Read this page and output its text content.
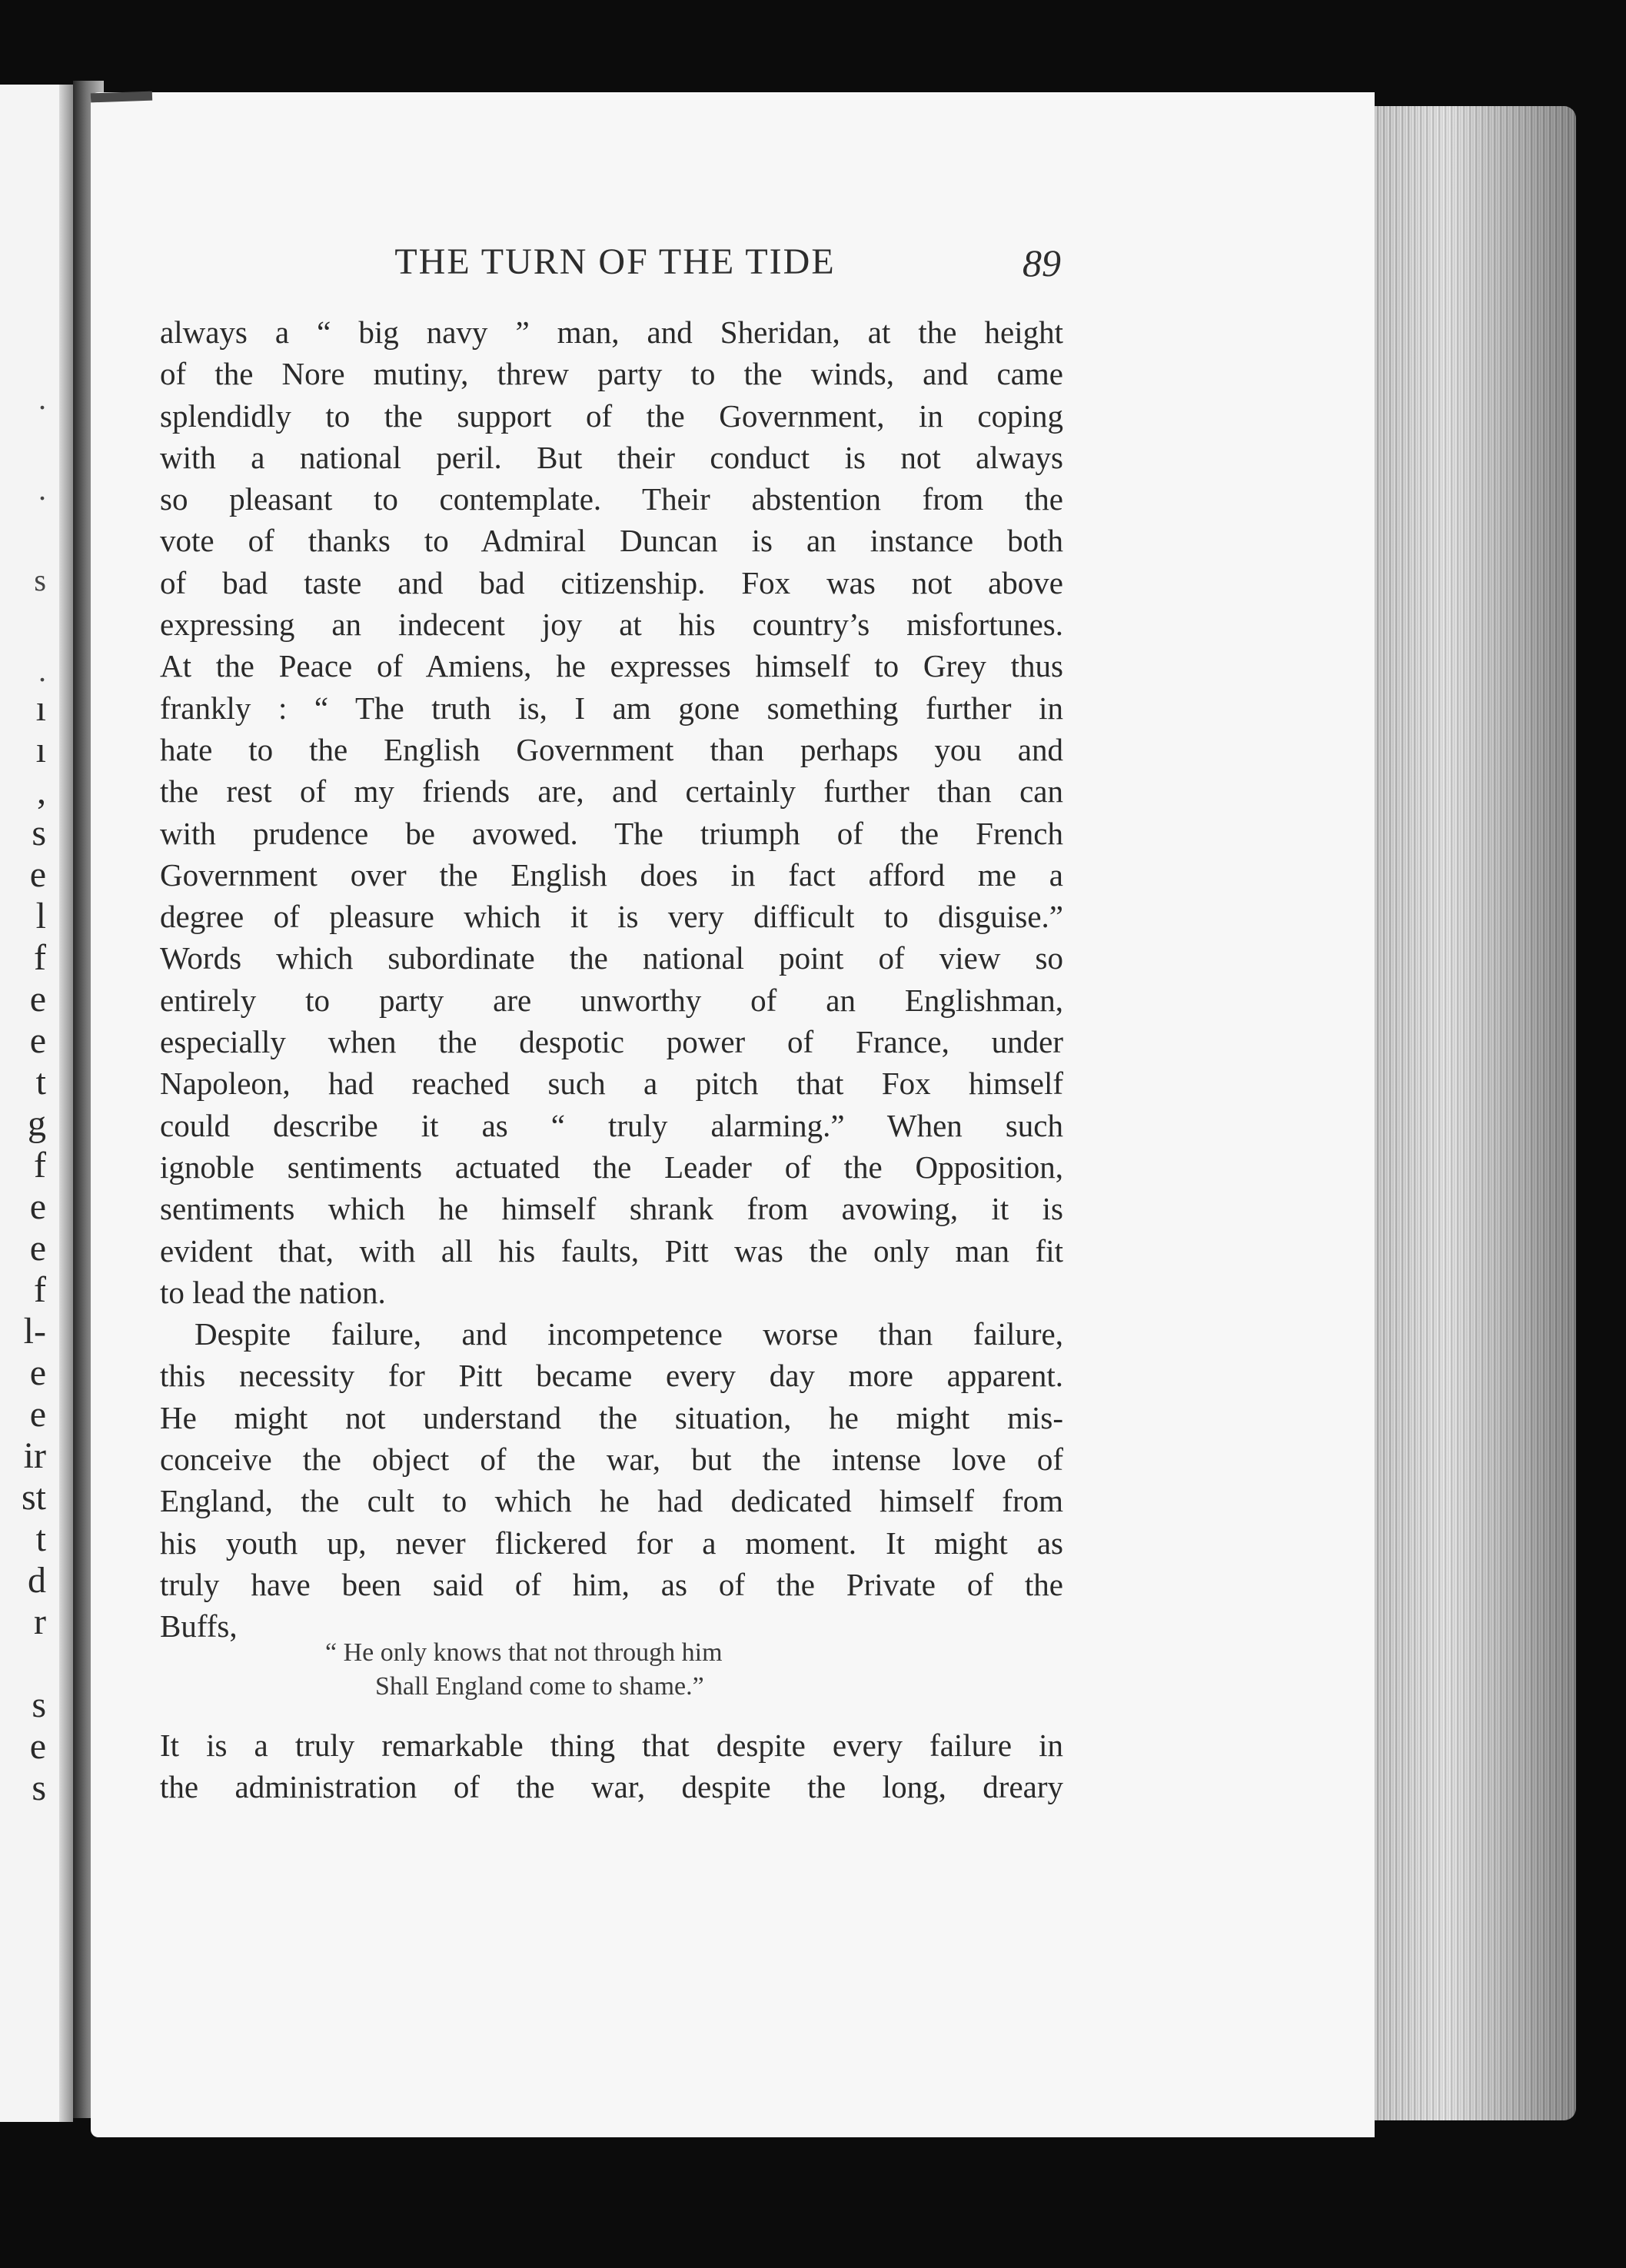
.
.
s
.
ı
ı
,
s
e
l
f
e
e
t
g
f
e
e
f
l-
e
e
ir
st
t
d
r
s
e
s
THE TURN OF THE TIDE	89
always a “ big navy ” man, and Sheridan, at the height
of the Nore mutiny, threw party to the winds, and came
splendidly to the support of the Government, in coping
with a national peril. But their conduct is not always
so pleasant to contemplate. Their abstention from the
vote of thanks to Admiral Duncan is an instance both
of bad taste and bad citizenship. Fox was not above
expressing an indecent joy at his country’s misfortunes.
At the Peace of Amiens, he expresses himself to Grey thus
frankly : “ The truth is, I am gone something further in
hate to the English Government than perhaps you and
the rest of my friends are, and certainly further than can
with prudence be avowed. The triumph of the French
Government over the English does in fact afford me a
degree of pleasure which it is very difficult to disguise.”
Words which subordinate the national point of view so
entirely to party are unworthy of an Englishman,
especially when the despotic power of France, under
Napoleon, had reached such a pitch that Fox himself
could describe it as “ truly alarming.” When such
ignoble sentiments actuated the Leader of the Opposition,
sentiments which he himself shrank from avowing, it is
evident that, with all his faults, Pitt was the only man fit
to lead the nation.
Despite failure, and incompetence worse than failure,
this necessity for Pitt became every day more apparent.
He might not understand the situation, he might mis-
conceive the object of the war, but the intense love of
England, the cult to which he had dedicated himself from
his youth up, never flickered for a moment. It might as
truly have been said of him, as of the Private of the
Buffs,
“ He only knows that not through him
Shall England come to shame.”
It is a truly remarkable thing that despite every failure in
the administration of the war, despite the long, dreary
